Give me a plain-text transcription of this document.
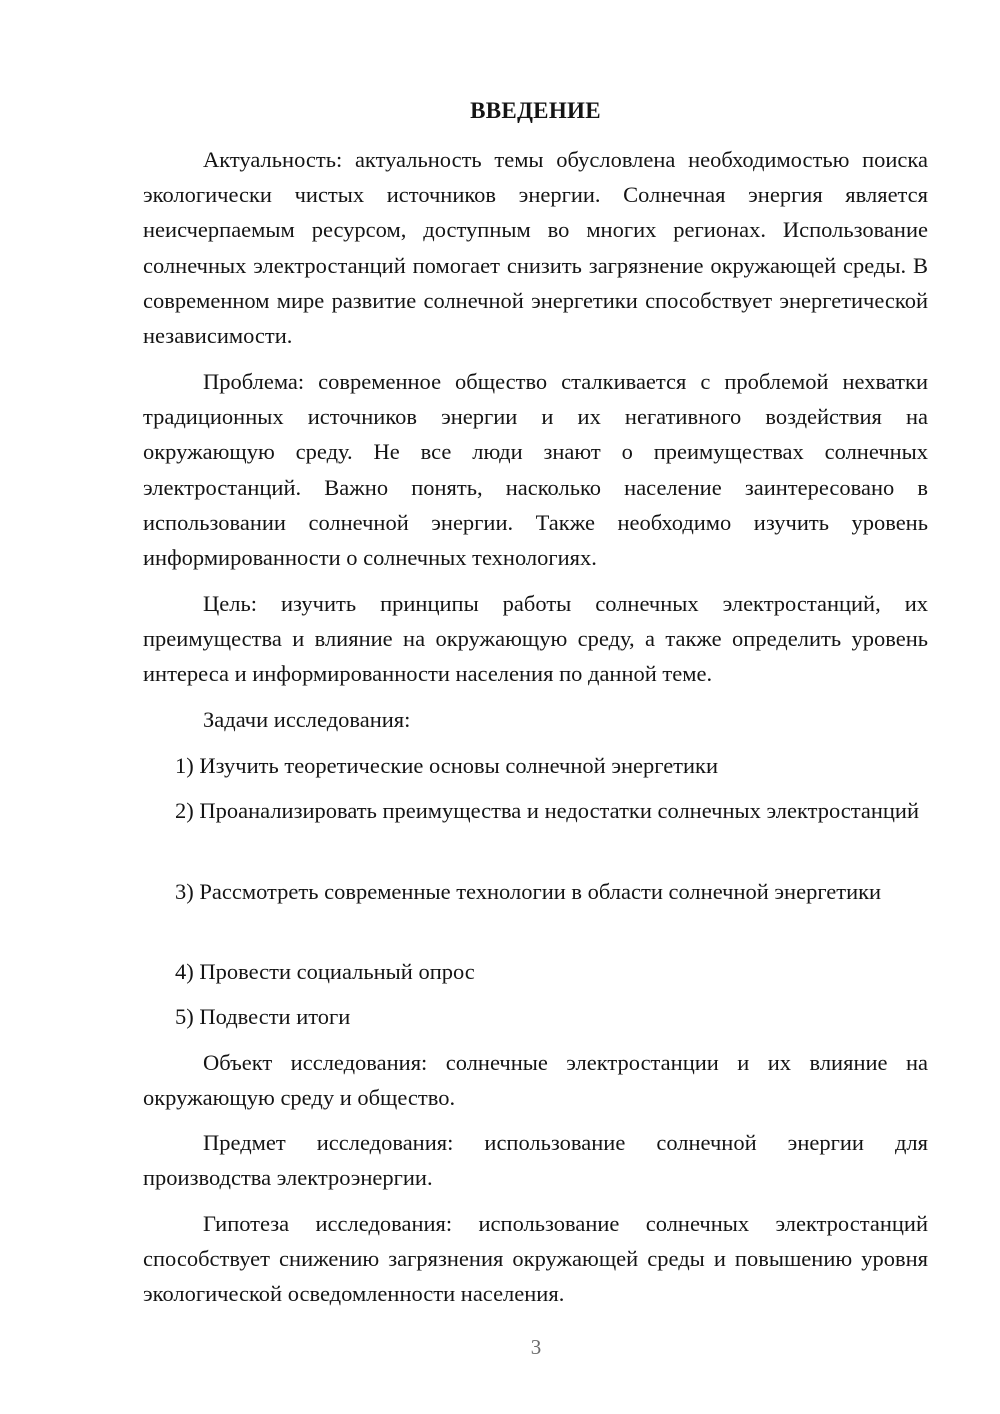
ВВЕДЕНИЕ

Актуальность: актуальность темы обусловлена необходимостью поиска экологически чистых источников энергии. Солнечная энергия является неисчерпаемым ресурсом, доступным во многих регионах. Использование солнечных электростанций помогает снизить загрязнение окружающей среды. В современном мире развитие солнечной энергетики способствует энергетической независимости.

Проблема: современное общество сталкивается с проблемой нехватки традиционных источников энергии и их негативного воздействия на окружающую среду. Не все люди знают о преимуществах солнечных электростанций. Важно понять, насколько население заинтересовано в использовании солнечной энергии. Также необходимо изучить уровень информированности о солнечных технологиях.

Цель: изучить принципы работы солнечных электростанций, их преимущества и влияние на окружающую среду, а также определить уровень интереса и информированности населения по данной теме.

Задачи исследования:

1) Изучить теоретические основы солнечной энергетики

2) Проанализировать преимущества и недостатки солнечных электростанций

3) Рассмотреть современные технологии в области солнечной энергетики

4) Провести социальный опрос

5) Подвести итоги

Объект исследования: солнечные электростанции и их влияние на окружающую среду и общество.

Предмет исследования: использование солнечной энергии для производства электроэнергии.

Гипотеза исследования: использование солнечных электростанций способствует снижению загрязнения окружающей среды и повышению уровня экологической осведомленности населения.

3
